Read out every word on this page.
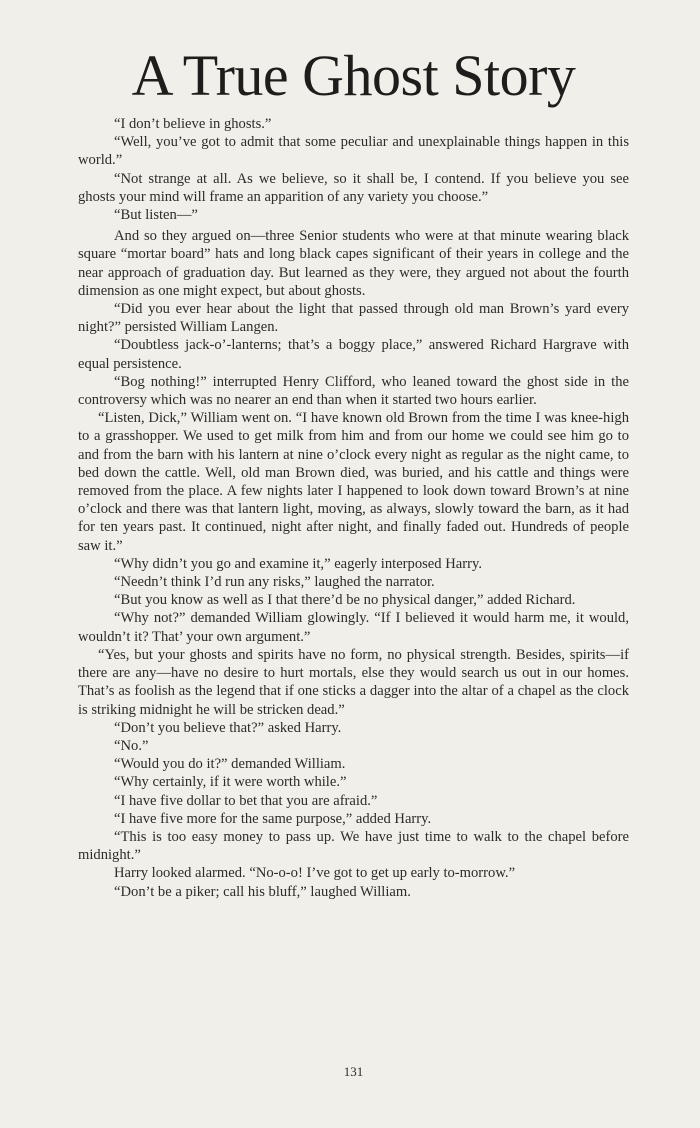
A True Ghost Story

“I don’t believe in ghosts.”

“Well, you’ve got to admit that some peculiar and unexplainable things happen in this world.”

“Not strange at all. As we believe, so it shall be, I contend. If you believe you see ghosts your mind will frame an apparition of any variety you choose.”

“But listen—”

And so they argued on—three Senior students who were at that minute wearing black square “mortar board” hats and long black capes significant of their years in college and the near approach of graduation day. But learned as they were, they argued not about the fourth dimension as one might expect, but about ghosts.

“Did you ever hear about the light that passed through old man Brown’s yard every night?” persisted William Langen.

“Doubtless jack-o’-lanterns; that’s a boggy place,” answered Richard Hargrave with equal persistence.

“Bog nothing!” interrupted Henry Clifford, who leaned toward the ghost side in the controversy which was no nearer an end than when it started two hours earlier.

“Listen, Dick,” William went on. “I have known old Brown from the time I was knee-high to a grasshopper. We used to get milk from him and from our home we could see him go to and from the barn with his lantern at nine o’clock every night as regular as the night came, to bed down the cattle. Well, old man Brown died, was buried, and his cattle and things were removed from the place. A few nights later I happened to look down toward Brown’s at nine o’clock and there was that lantern light, moving, as always, slowly toward the barn, as it had for ten years past. It continued, night after night, and finally faded out. Hundreds of people saw it.”

“Why didn’t you go and examine it,” eagerly interposed Harry.

“Needn’t think I’d run any risks,” laughed the narrator.

“But you know as well as I that there’d be no physical danger,” added Richard.

“Why not?” demanded William glowingly. “If I believed it would harm me, it would, wouldn’t it? That’ your own argument.”

“Yes, but your ghosts and spirits have no form, no physical strength. Besides, spirits—if there are any—have no desire to hurt mortals, else they would search us out in our homes. That’s as foolish as the legend that if one sticks a dagger into the altar of a chapel as the clock is striking midnight he will be stricken dead.”

“Don’t you believe that?” asked Harry.

“No.”

“Would you do it?” demanded William.

“Why certainly, if it were worth while.”

“I have five dollar to bet that you are afraid.”

“I have five more for the same purpose,” added Harry.

“This is too easy money to pass up. We have just time to walk to the chapel before midnight.”

Harry looked alarmed. “No-o-o! I’ve got to get up early to-morrow.”

“Don’t be a piker; call his bluff,” laughed William.

131
